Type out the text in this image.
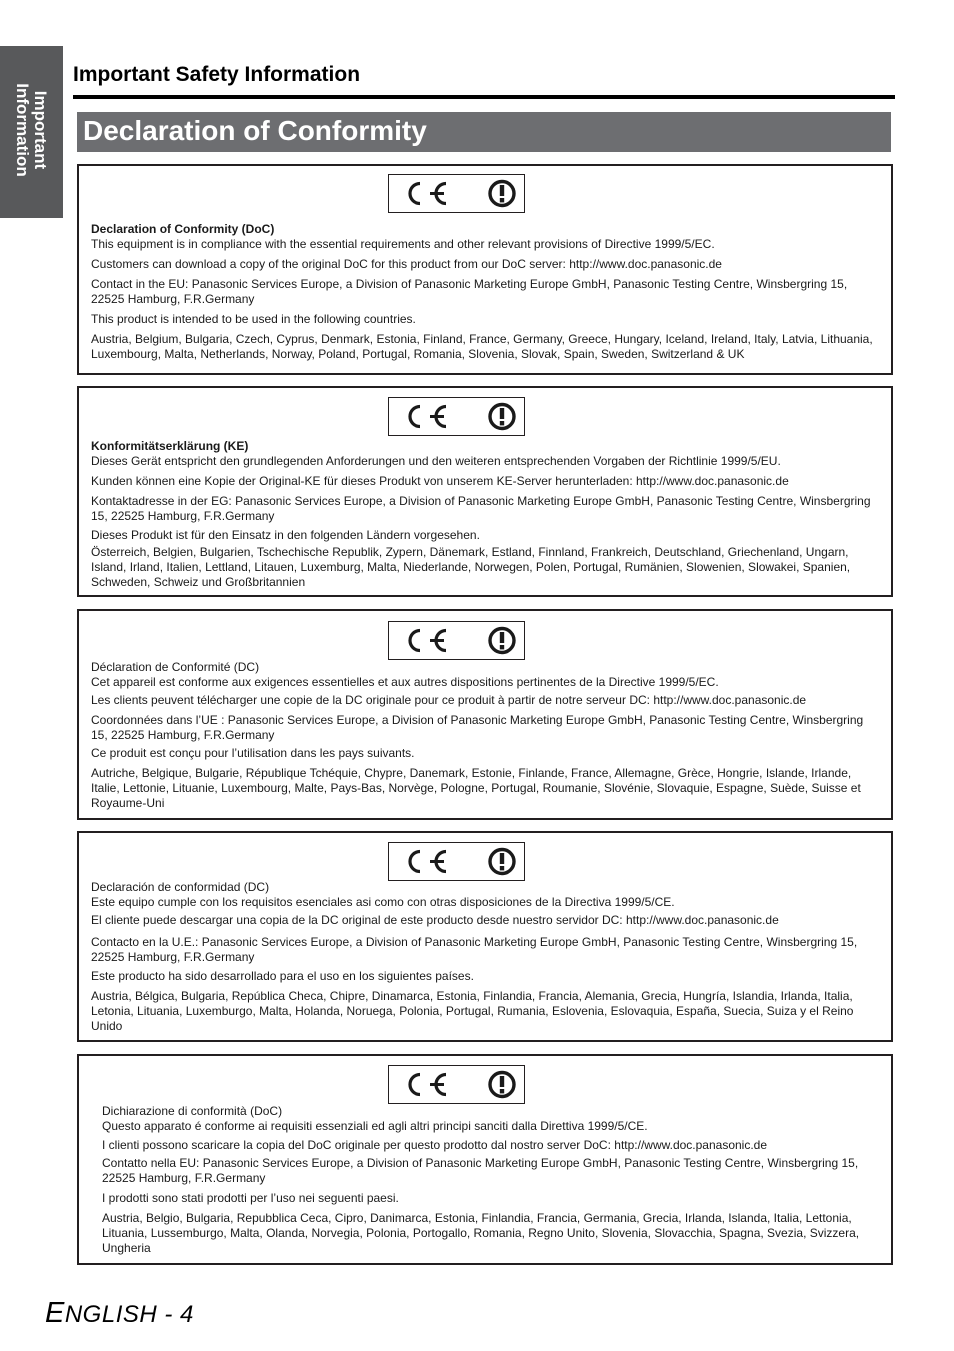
Important
Information
Important Safety Information
Declaration of Conformity

Declaration of Conformity (DoC)

This equipment is in compliance with the essential requirements and other relevant provisions of Directive 1999/5/EC.

Customers can download a copy of the original DoC for this product from our DoC server: http://www.doc.panasonic.de

Contact in the EU: Panasonic Services Europe, a Division of Panasonic Marketing Europe GmbH, Panasonic Testing Centre, Winsbergring 15, 22525 Hamburg, F.R.Germany

This product is intended to be used in the following countries.

Austria, Belgium, Bulgaria, Czech, Cyprus, Denmark, Estonia, Finland, France, Germany, Greece, Hungary, Iceland, Ireland, Italy, Latvia, Lithuania, Luxembourg, Malta, Netherlands, Norway, Poland, Portugal, Romania, Slovenia, Slovak, Spain, Sweden, Switzerland & UK

Konformitätserklärung (KE)

Dieses Gerät entspricht den grundlegenden Anforderungen und den weiteren entsprechenden Vorgaben der Richtlinie 1999/5/EU.

Kunden können eine Kopie der Original-KE für dieses Produkt von unserem KE-Server herunterladen: http://www.doc.panasonic.de

Kontaktadresse in der EG: Panasonic Services Europe, a Division of Panasonic Marketing Europe GmbH, Panasonic Testing Centre, Winsbergring 15, 22525 Hamburg, F.R.Germany

Dieses Produkt ist für den Einsatz in den folgenden Ländern vorgesehen.

Österreich, Belgien, Bulgarien, Tschechische Republik, Zypern, Dänemark, Estland, Finnland, Frankreich, Deutschland, Griechenland, Ungarn, Island, Irland, Italien, Lettland, Litauen, Luxemburg, Malta, Niederlande, Norwegen, Polen, Portugal, Rumänien, Slowenien, Slowakei, Spanien, Schweden, Schweiz und Großbritannien

Déclaration de Conformité (DC)

Cet appareil est conforme aux exigences essentielles et aux autres dispositions pertinentes de la Directive 1999/5/EC.

Les clients peuvent télécharger une copie de la DC originale pour ce produit à partir de notre serveur DC: http://www.doc.panasonic.de

Coordonnées dans l’UE : Panasonic Services Europe, a Division of Panasonic Marketing Europe GmbH, Panasonic Testing Centre, Winsbergring 15, 22525 Hamburg, F.R.Germany

Ce produit est conçu pour l’utilisation dans les pays suivants.

Autriche, Belgique, Bulgarie, République Tchéquie, Chypre, Danemark, Estonie, Finlande, France, Allemagne, Grèce, Hongrie, Islande, Irlande, Italie, Lettonie, Lituanie, Luxembourg, Malte, Pays-Bas, Norvège, Pologne, Portugal, Roumanie, Slovénie, Slovaquie, Espagne, Suède, Suisse et Royaume-Uni

Declaración de conformidad (DC)

Este equipo cumple con los requisitos esenciales asi como con otras disposiciones de la Directiva 1999/5/CE.

El cliente puede descargar una copia de la DC original de este producto desde nuestro servidor DC: http://www.doc.panasonic.de

Contacto en la U.E.: Panasonic Services Europe, a Division of Panasonic Marketing Europe GmbH, Panasonic Testing Centre, Winsbergring 15, 22525 Hamburg, F.R.Germany

Este producto ha sido desarrollado para el uso en los siguientes países.

Austria, Bélgica, Bulgaria, República Checa, Chipre, Dinamarca, Estonia, Finlandia, Francia, Alemania, Grecia, Hungría, Islandia, Irlanda, Italia, Letonia, Lituania, Luxemburgo, Malta, Holanda, Noruega, Polonia, Portugal, Rumania, Eslovenia, Eslovaquia, España, Suecia, Suiza y el Reino Unido

Dichiarazione di conformità (DoC)

Questo apparato é conforme ai requisiti essenziali ed agli altri principi sanciti dalla Direttiva 1999/5/CE.

I clienti possono scaricare la copia del DoC originale per questo prodotto dal nostro server DoC: http://www.doc.panasonic.de

Contatto nella EU: Panasonic Services Europe, a Division of Panasonic Marketing Europe GmbH, Panasonic Testing Centre, Winsbergring 15, 22525 Hamburg, F.R.Germany

I prodotti sono stati prodotti per l’uso nei seguenti paesi.

Austria, Belgio, Bulgaria, Repubblica Ceca, Cipro, Danimarca, Estonia, Finlandia, Francia, Germania, Grecia, Irlanda, Islanda, Italia, Lettonia, Lituania, Lussemburgo, Malta, Olanda, Norvegia, Polonia, Portogallo, Romania, Regno Unito, Slovenia, Slovacchia, Spagna, Svezia, Svizzera, Ungheria

ENGLISH - 4
